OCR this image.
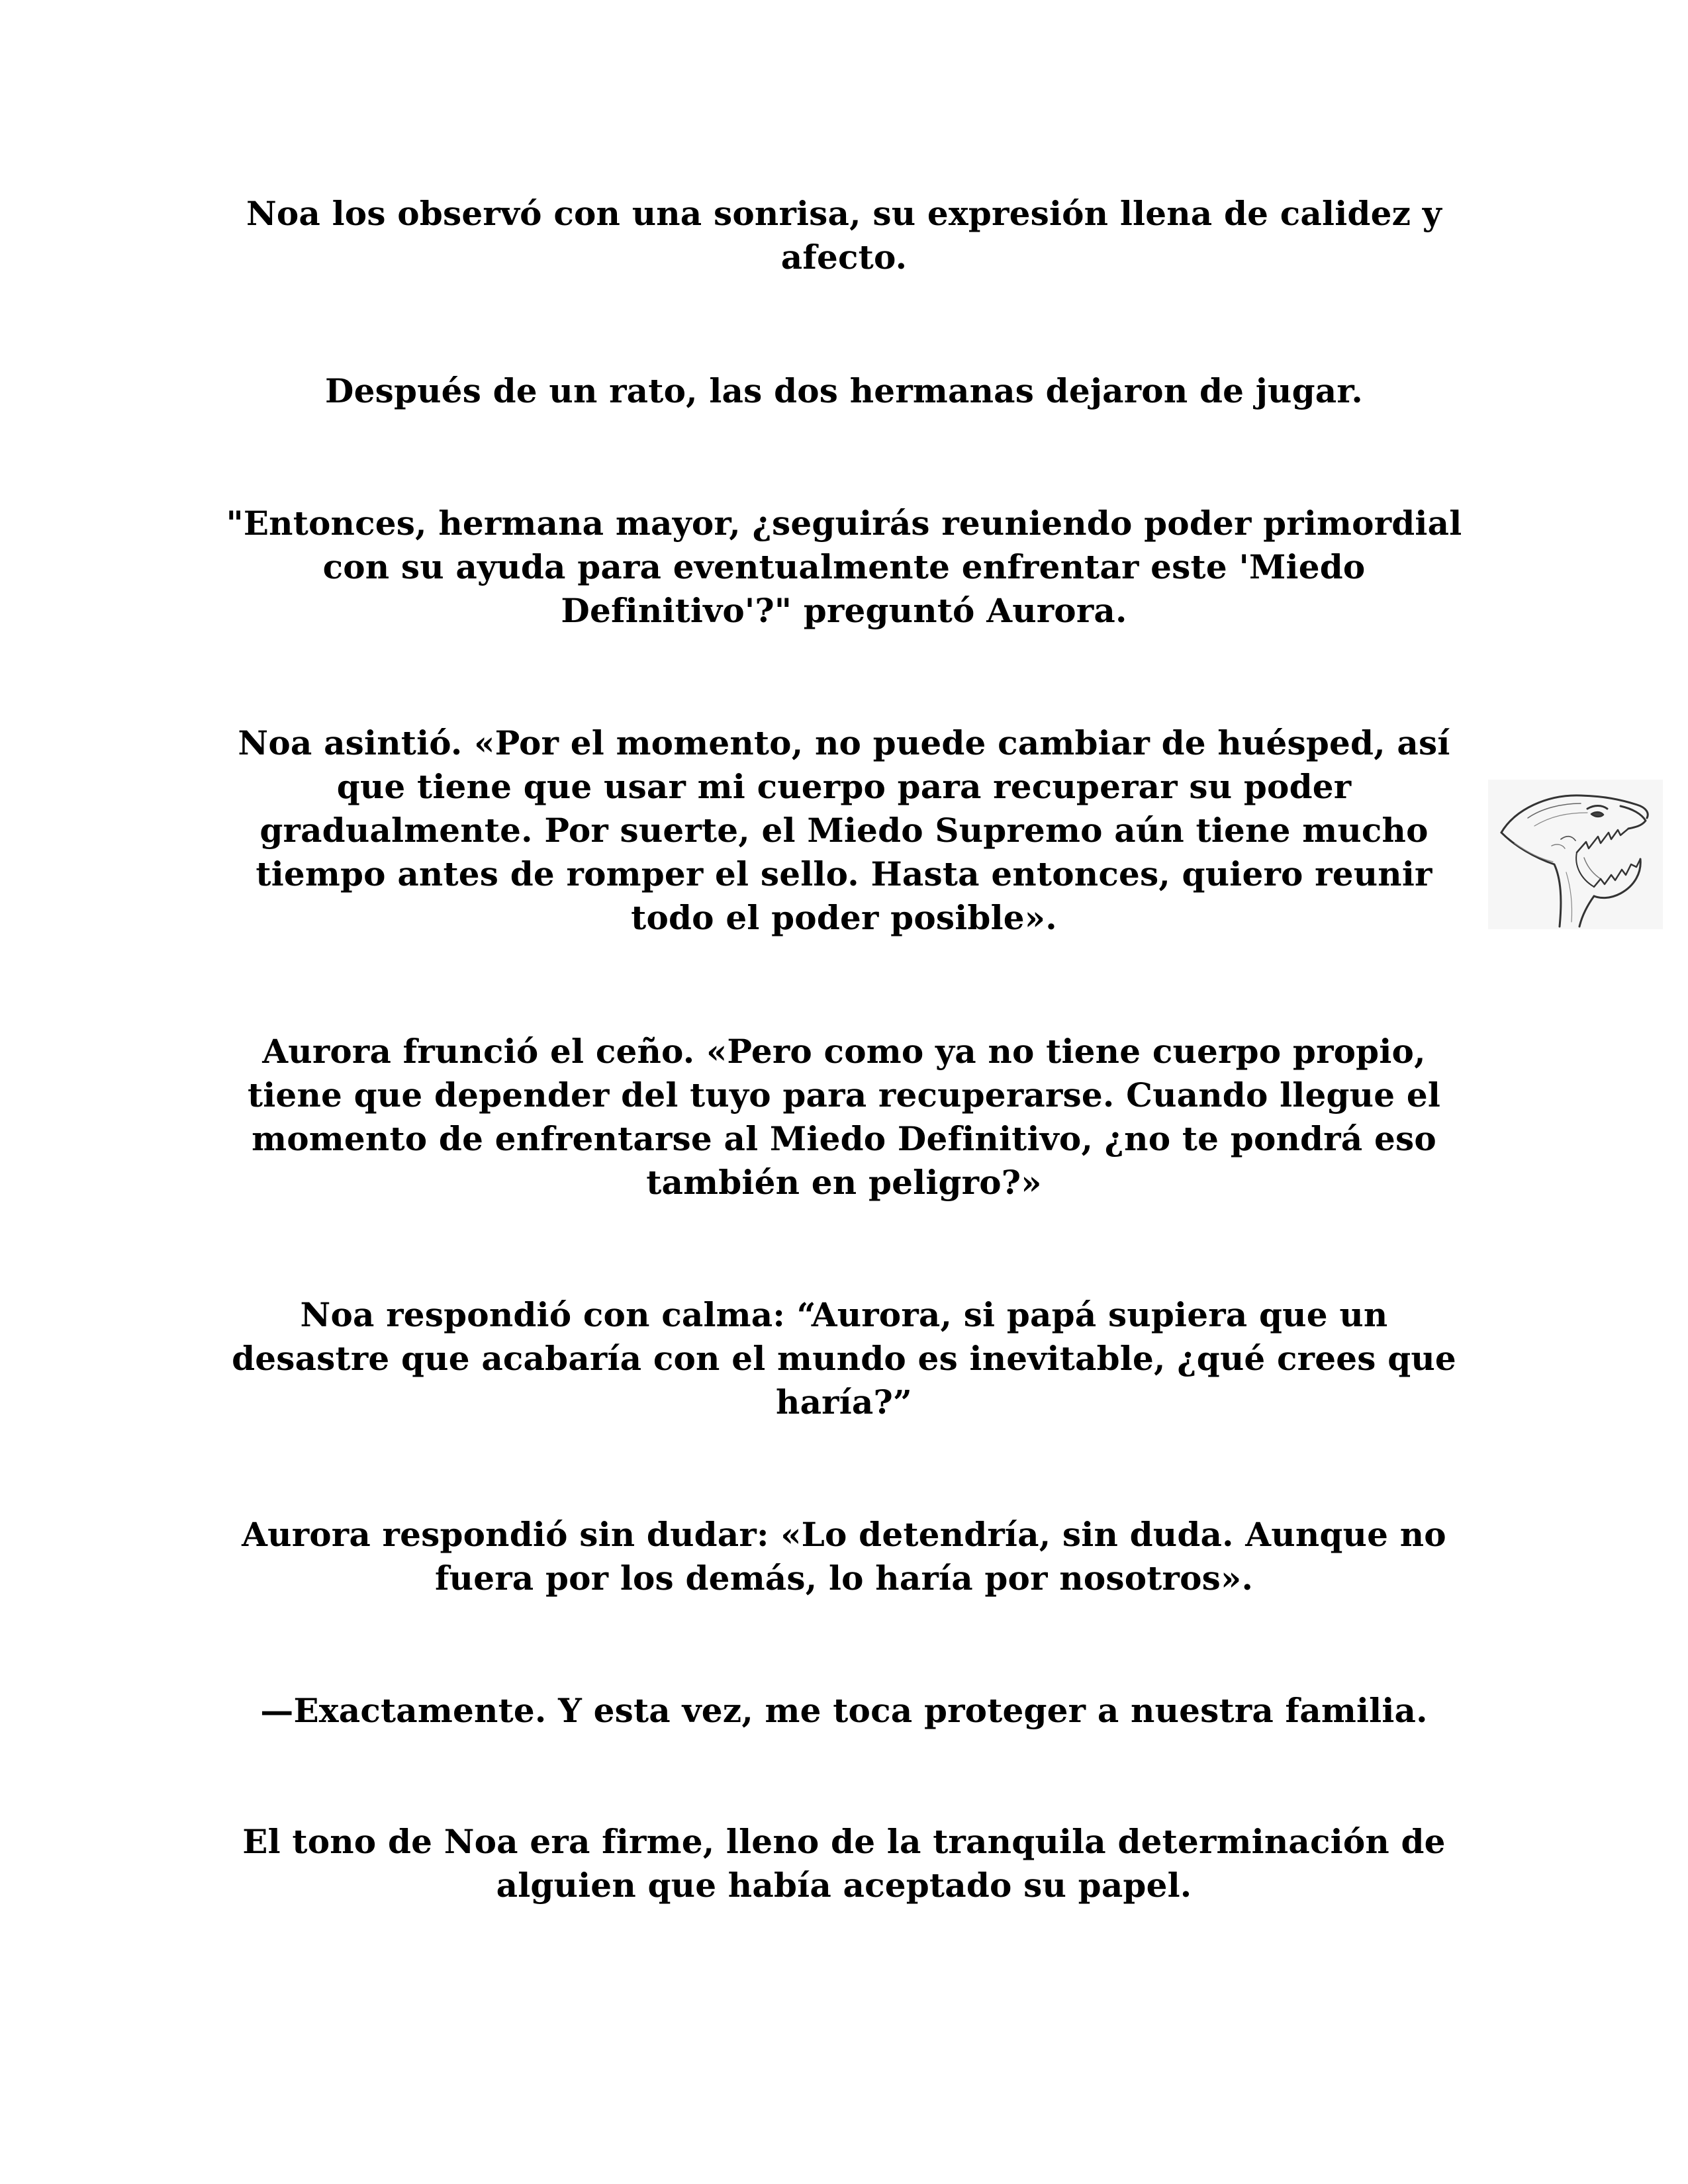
Noa los observó con una sonrisa, su expresión llena de calidez y afecto.

Después de un rato, las dos hermanas dejaron de jugar.

"Entonces, hermana mayor, ¿seguirás reuniendo poder primordial con su ayuda para eventualmente enfrentar este 'Miedo Definitivo'?" preguntó Aurora.

Noa asintió. «Por el momento, no puede cambiar de huésped, así que tiene que usar mi cuerpo para recuperar su poder gradualmente. Por suerte, el Miedo Supremo aún tiene mucho tiempo antes de romper el sello. Hasta entonces, quiero reunir todo el poder posible».

Aurora frunció el ceño. «Pero como ya no tiene cuerpo propio, tiene que depender del tuyo para recuperarse. Cuando llegue el momento de enfrentarse al Miedo Definitivo, ¿no te pondrá eso también en peligro?»

Noa respondió con calma: “Aurora, si papá supiera que un desastre que acabaría con el mundo es inevitable, ¿qué crees que haría?”

Aurora respondió sin dudar: «Lo detendría, sin duda. Aunque no fuera por los demás, lo haría por nosotros».

—Exactamente. Y esta vez, me toca proteger a nuestra familia.

El tono de Noa era firme, lleno de la tranquila determinación de alguien que había aceptado su papel.
